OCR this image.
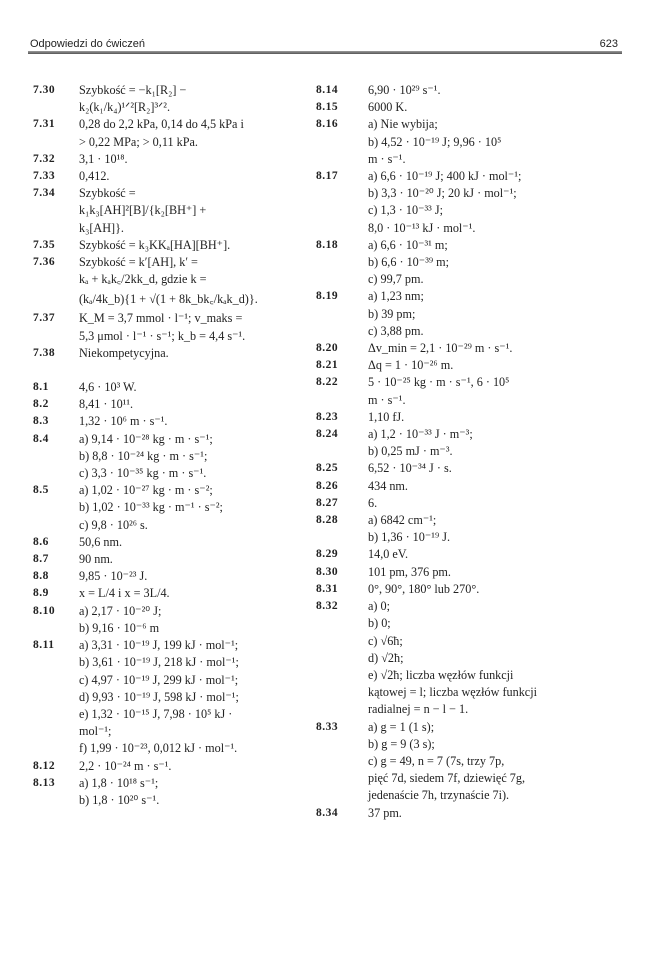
Odpowiedzi do ćwiczeń	623
7.30	Szybkość = −k₁[R₂] −
k₂(k₁/k₄)¹ᐟ²[R₂]³ᐟ².
7.31	0,28 do 2,2 kPa, 0,14 do 4,5 kPa i
> 0,22 MPa; > 0,11 kPa.
7.32	3,1 · 10¹⁸.
7.33	0,412.
7.34	Szybkość =
k₁k₃[AH]²[B]/{k₂[BH⁺] +
k₃[AH]}.
7.35	Szybkość = k₃KKₐ[HA][BH⁺].
7.36	Szybkość = k′[AH], k′ =
kₐ + kₐk꜀/2kk_d, gdzie k =
(kₐ/4k_b){1 + √(1 + 8k_bk꜀/kₐk_d)}.
7.37	K_M = 3,7 mmol · l⁻¹; v_maks =
5,3 μmol · l⁻¹ · s⁻¹; k_b = 4,4 s⁻¹.
7.38	Niekompetycyjna.
8.1	4,6 · 10³ W.
8.2	8,41 · 10¹¹.
8.3	1,32 · 10⁶ m · s⁻¹.
8.4	a) 9,14 · 10⁻²⁸ kg · m · s⁻¹;
b) 8,8 · 10⁻²⁴ kg · m · s⁻¹;
c) 3,3 · 10⁻³⁵ kg · m · s⁻¹.
8.5	a) 1,02 · 10⁻²⁷ kg · m · s⁻²;
b) 1,02 · 10⁻³³ kg · m⁻¹ · s⁻²;
c) 9,8 · 10²⁶ s.
8.6	50,6 nm.
8.7	90 nm.
8.8	9,85 · 10⁻²³ J.
8.9	x = L/4 i x = 3L/4.
8.10	a) 2,17 · 10⁻²⁰ J;
b) 9,16 · 10⁻⁶ m
8.11	a) 3,31 · 10⁻¹⁹ J, 199 kJ · mol⁻¹;
b) 3,61 · 10⁻¹⁹ J, 218 kJ · mol⁻¹;
c) 4,97 · 10⁻¹⁹ J, 299 kJ · mol⁻¹;
d) 9,93 · 10⁻¹⁹ J, 598 kJ · mol⁻¹;
e) 1,32 · 10⁻¹⁵ J, 7,98 · 10⁵ kJ ·
mol⁻¹;
f) 1,99 · 10⁻²³, 0,012 kJ · mol⁻¹.
8.12	2,2 · 10⁻²⁴ m · s⁻¹.
8.13	a) 1,8 · 10¹⁸ s⁻¹;
b) 1,8 · 10²⁰ s⁻¹.
8.14	6,90 · 10²⁹ s⁻¹.
8.15	6000 K.
8.16	a) Nie wybija;
b) 4,52 · 10⁻¹⁹ J; 9,96 · 10⁵
m · s⁻¹.
8.17	a) 6,6 · 10⁻¹⁹ J; 400 kJ · mol⁻¹;
b) 3,3 · 10⁻²⁰ J; 20 kJ · mol⁻¹;
c) 1,3 · 10⁻³³ J;
8,0 · 10⁻¹³ kJ · mol⁻¹.
8.18	a) 6,6 · 10⁻³¹ m;
b) 6,6 · 10⁻³⁹ m;
c) 99,7 pm.
8.19	a) 1,23 nm;
b) 39 pm;
c) 3,88 pm.
8.20	Δv_min = 2,1 · 10⁻²⁹ m · s⁻¹.
8.21	Δq = 1 · 10⁻²⁶ m.
8.22	5 · 10⁻²⁵ kg · m · s⁻¹, 6 · 10⁵
m · s⁻¹.
8.23	1,10 fJ.
8.24	a) 1,2 · 10⁻³³ J · m⁻³;
b) 0,25 mJ · m⁻³.
8.25	6,52 · 10⁻³⁴ J · s.
8.26	434 nm.
8.27	6.
8.28	a) 6842 cm⁻¹;
b) 1,36 · 10⁻¹⁹ J.
8.29	14,0 eV.
8.30	101 pm, 376 pm.
8.31	0°, 90°, 180° lub 270°.
8.32	a) 0;
b) 0;
c) √6ħ;
d) √2ħ;
e) √2ħ; liczba węzłów funkcji
kątowej = l; liczba węzłów funkcji
radialnej = n − l − 1.
8.33	a) g = 1 (1 s);
b) g = 9 (3 s);
c) g = 49, n = 7 (7s, trzy 7p,
pięć 7d, siedem 7f, dziewięć 7g,
jedenaście 7h, trzynaście 7i).
8.34	37 pm.
